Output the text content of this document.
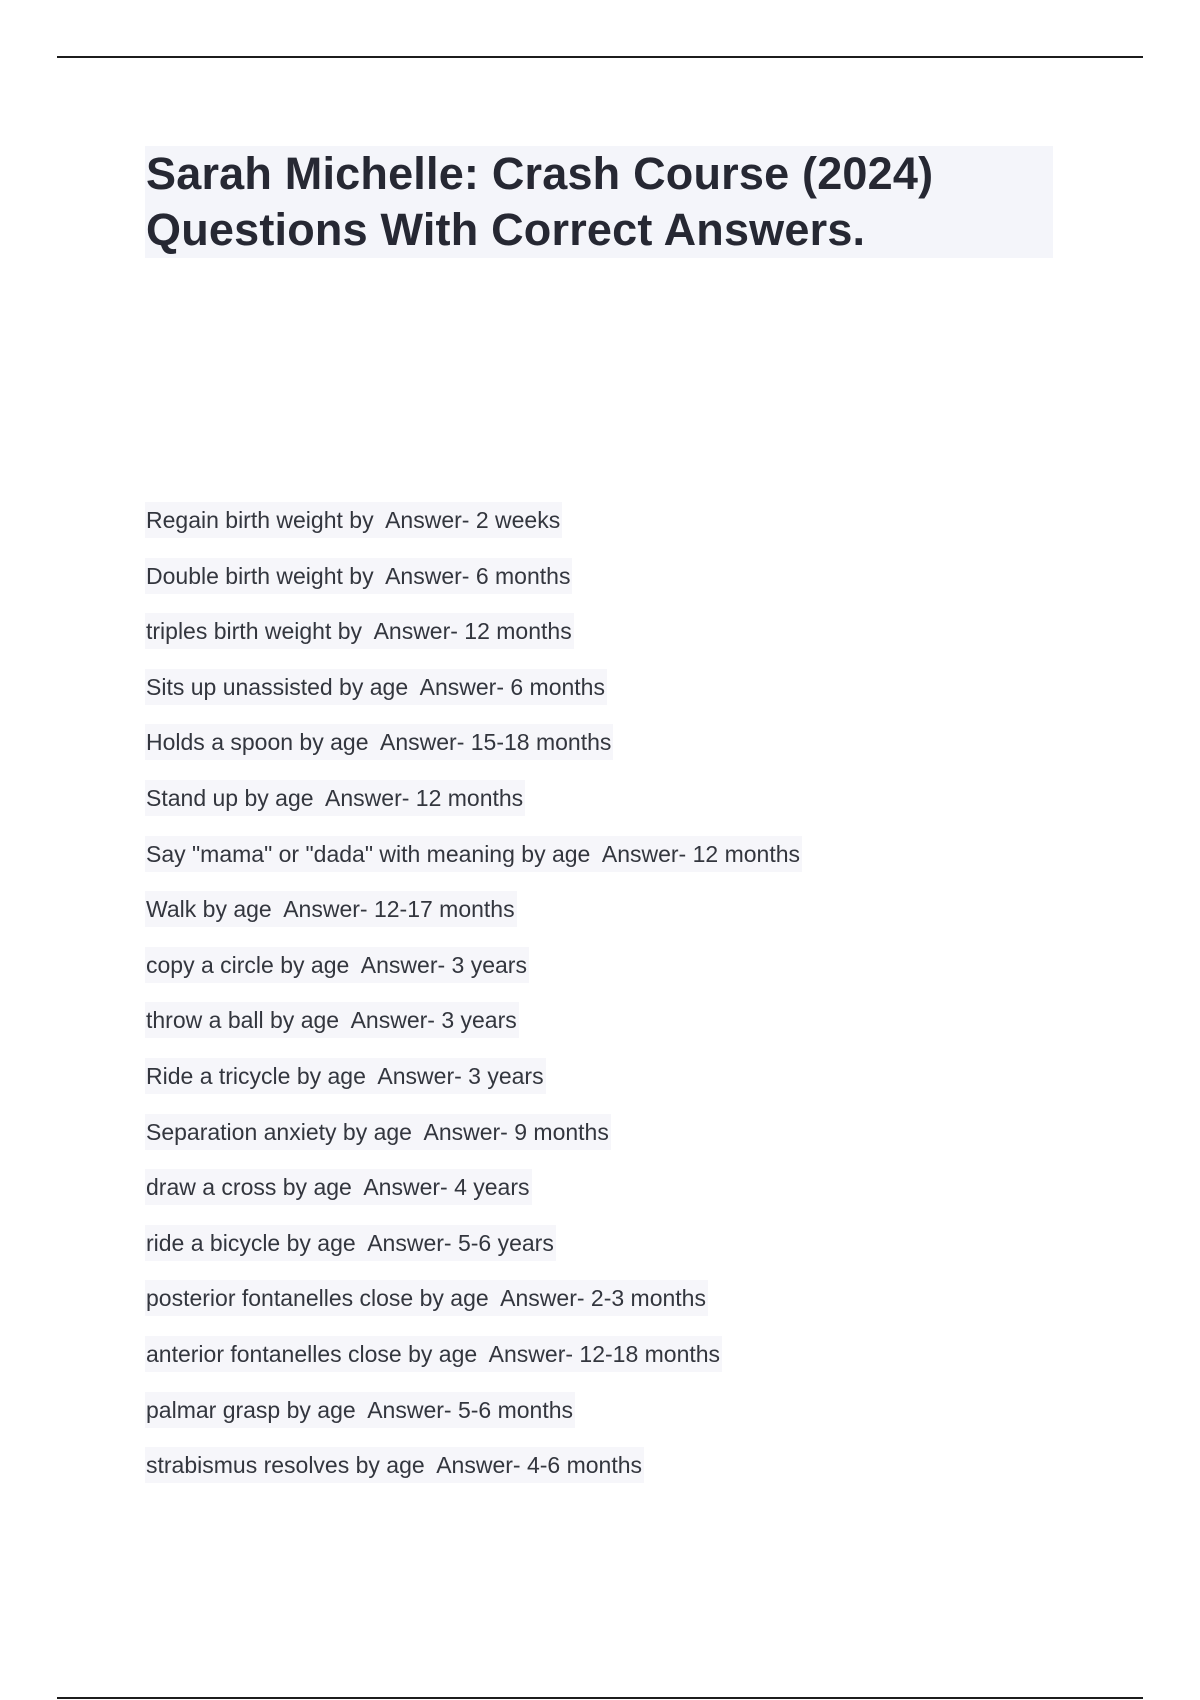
Sarah Michelle: Crash Course (2024)
Questions With Correct Answers.
Regain birth weight by Answer- 2 weeks
Double birth weight by Answer- 6 months
triples birth weight by Answer- 12 months
Sits up unassisted by age Answer- 6 months
Holds a spoon by age Answer- 15-18 months
Stand up by age Answer- 12 months
Say "mama" or "dada" with meaning by age Answer- 12 months
Walk by age Answer- 12-17 months
copy a circle by age Answer- 3 years
throw a ball by age Answer- 3 years
Ride a tricycle by age Answer- 3 years
Separation anxiety by age Answer- 9 months
draw a cross by age Answer- 4 years
ride a bicycle by age Answer- 5-6 years
posterior fontanelles close by age Answer- 2-3 months
anterior fontanelles close by age Answer- 12-18 months
palmar grasp by age Answer- 5-6 months
strabismus resolves by age Answer- 4-6 months
